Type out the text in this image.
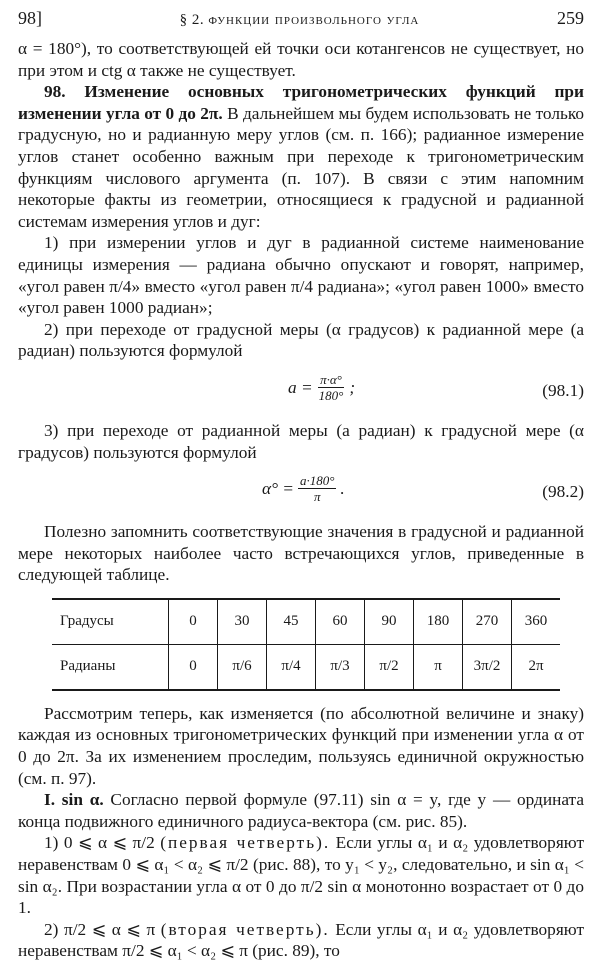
98]	§ 2. функции произвольного угла	259

α = 180°), то соответствующей ей точки оси котангенсов не существует, но при этом и ctg α также не существует.

98. Изменение основных тригонометрических функций при изменении угла от 0 до 2π. В дальнейшем мы будем использовать не только градусную, но и радианную меру углов (см. п. 166); радианное измерение углов станет особенно важным при переходе к тригонометрическим функциям числового аргумента (п. 107). В связи с этим напомним некоторые факты из геометрии, относящиеся к градусной и радианной системам измерения углов и дуг:

1) при измерении углов и дуг в радианной системе наименование единицы измерения — радиана обычно опускают и говорят, например, «угол равен π/4» вместо «угол равен π/4 радиана»; «угол равен 1000» вместо «угол равен 1000 радиан»;

2) при переходе от градусной меры (α градусов) к радианной мере (a радиан) пользуются формулой

$a = \frac{\pi\cdot\alpha^\circ}{180^\circ}$ ;	(98.1)

3) при переходе от радианной меры (a радиан) к градусной мере (α градусов) пользуются формулой

$\alpha^\circ = \frac{a\cdot 180^\circ}{\pi}$ .	(98.2)

Полезно запомнить соответствующие значения в градусной и радианной мере некоторых наиболее часто встречающихся углов, приведенные в следующей таблице.

Градусы	0	30	45	60	90	180	270	360
Радианы	0	π/6	π/4	π/3	π/2	π	3π/2	2π

Рассмотрим теперь, как изменяется (по абсолютной величине и знаку) каждая из основных тригонометрических функций при изменении угла α от 0 до 2π. За их изменением проследим, пользуясь единичной окружностью (см. п. 97).

I. sin α. Согласно первой формуле (97.11) sin α = y, где y — ордината конца подвижного единичного радиуса-вектора (см. рис. 85).

1) 0 ⩽ α ⩽ π/2 (первая четверть). Если углы α₁ и α₂ удовлетворяют неравенствам 0 ⩽ α₁ < α₂ ⩽ π/2 (рис. 88), то y₁ < y₂, следовательно, и sin α₁ < sin α₂. При возрастании угла α от 0 до π/2 sin α монотонно возрастает от 0 до 1.

2) π/2 ⩽ α ⩽ π (вторая четверть). Если углы α₁ и α₂ удовлетворяют неравенствам π/2 ⩽ α₁ < α₂ ⩽ π (рис. 89), то
